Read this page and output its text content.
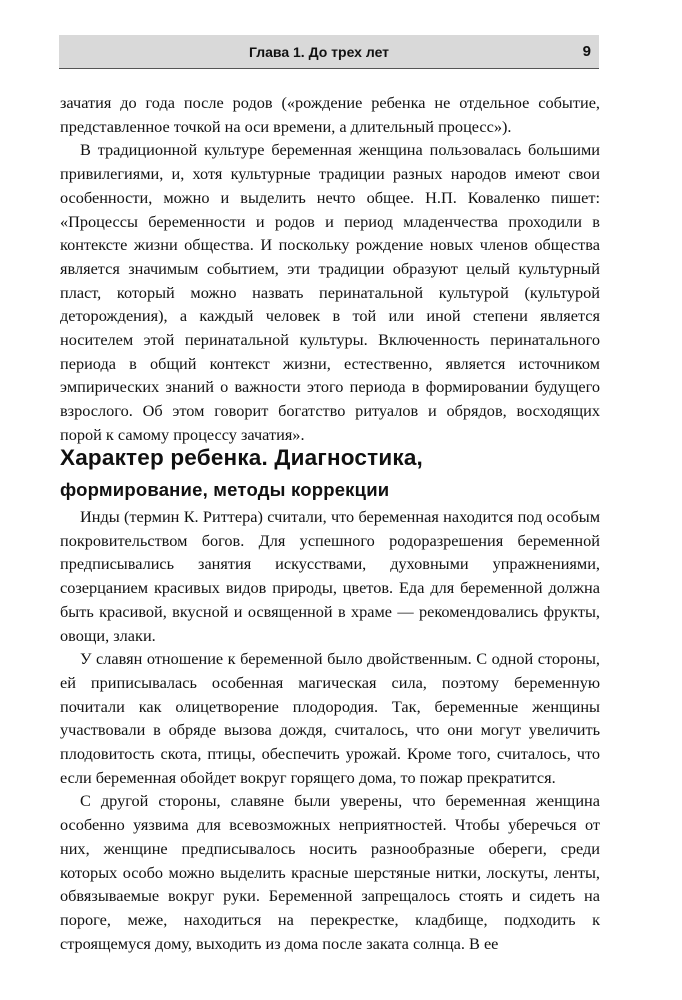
Глава 1. До трех лет	9

зачатия до года после родов («рождение ребенка не отдельное событие, представленное точкой на оси времени, а длительный процесс»).

В традиционной культуре беременная женщина пользовалась большими привилегиями, и, хотя культурные традиции разных народов имеют свои особенности, можно и выделить нечто общее. Н.П. Коваленко пишет: «Процессы беременности и родов и период младенчества проходили в контексте жизни общества. И поскольку рождение новых членов общества является значимым событием, эти традиции образуют целый культурный пласт, который можно назвать перинатальной культурой (культурой деторождения), а каждый человек в той или иной степени является носителем этой перинатальной культуры. Включенность перинатального периода в общий контекст жизни, естественно, является источником эмпирических знаний о важности этого периода в формировании будущего взрослого. Об этом говорит богатство ритуалов и обрядов, восходящих порой к самому процессу зачатия».

Характер ребенка. Диагностика,
формирование, методы коррекции

Инды (термин К. Риттера) считали, что беременная находится под особым покровительством богов. Для успешного родоразрешения беременной предписывались занятия искусствами, духовными упражнениями, созерцанием красивых видов природы, цветов. Еда для беременной должна быть красивой, вкусной и освященной в храме — рекомендовались фрукты, овощи, злаки.

У славян отношение к беременной было двойственным. С одной стороны, ей приписывалась особенная магическая сила, поэтому беременную почитали как олицетворение плодородия. Так, беременные женщины участвовали в обряде вызова дождя, считалось, что они могут увеличить плодовитость скота, птицы, обеспечить урожай. Кроме того, считалось, что если беременная обойдет вокруг горящего дома, то пожар прекратится.

С другой стороны, славяне были уверены, что беременная женщина особенно уязвима для всевозможных неприятностей. Чтобы уберечься от них, женщине предписывалось носить разнообразные обереги, среди которых особо можно выделить красные шерстяные нитки, лоскуты, ленты, обвязываемые вокруг руки. Беременной запрещалось стоять и сидеть на пороге, меже, находиться на перекрестке, кладбище, подходить к строящемуся дому, выходить из дома после заката солнца. В ее
